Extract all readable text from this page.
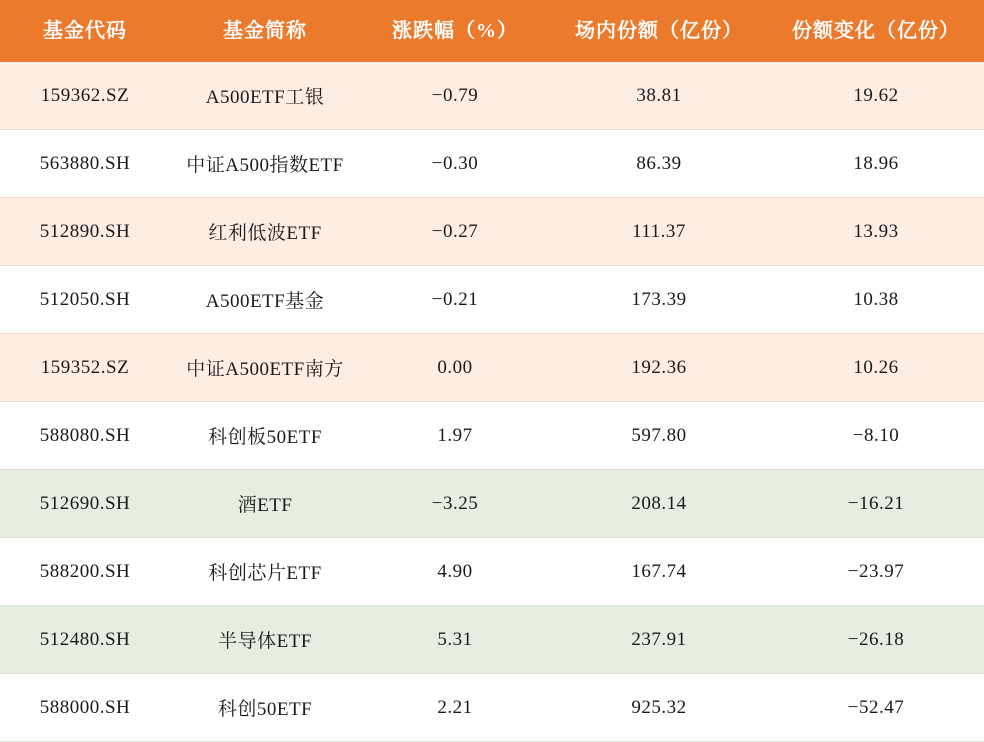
基金代码	基金简称	涨跌幅（%）	场内份额（亿份）	份额变化（亿份）
159362.SZ	A500ETF工银	−0.79	38.81	19.62
563880.SH	中证A500指数ETF	−0.30	86.39	18.96
512890.SH	红利低波ETF	−0.27	111.37	13.93
512050.SH	A500ETF基金	−0.21	173.39	10.38
159352.SZ	中证A500ETF南方	0.00	192.36	10.26
588080.SH	科创板50ETF	1.97	597.80	−8.10
512690.SH	酒ETF	−3.25	208.14	−16.21
588200.SH	科创芯片ETF	4.90	167.74	−23.97
512480.SH	半导体ETF	5.31	237.91	−26.18
588000.SH	科创50ETF	2.21	925.32	−52.47
